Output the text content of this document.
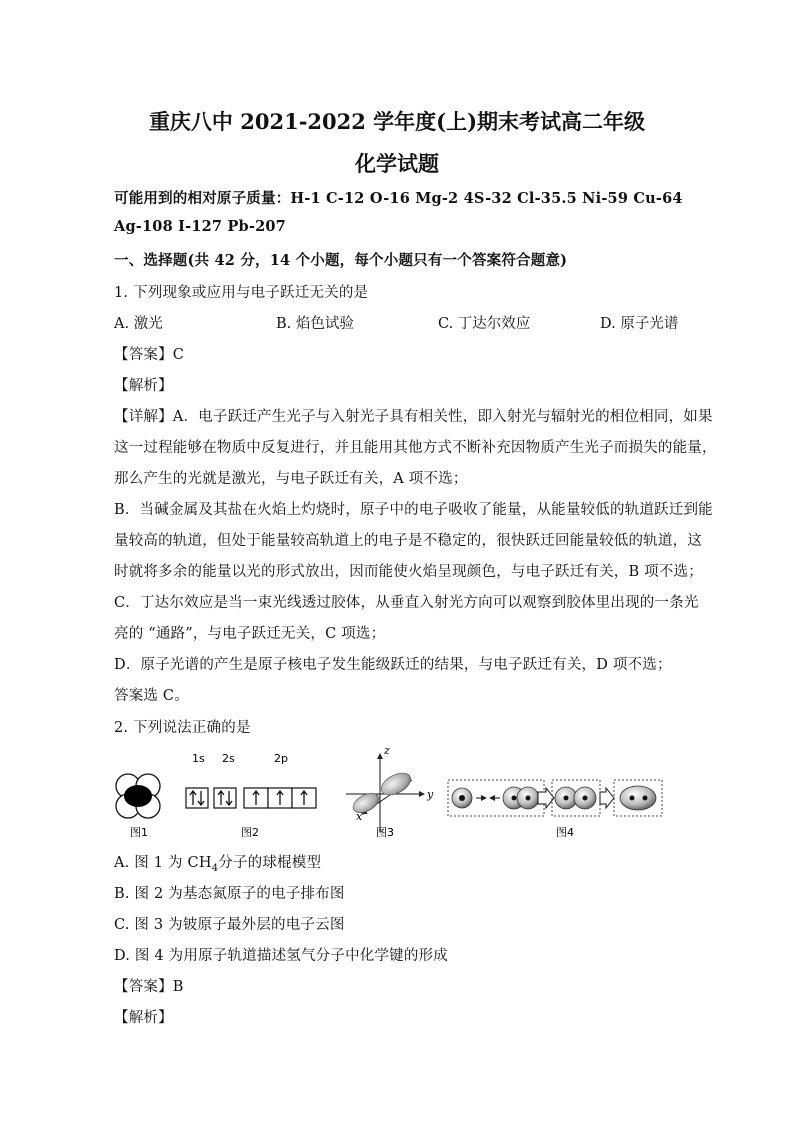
重庆八中 2021-2022 学年度(上)期末考试高二年级
化学试题
可能用到的相对原子质量：H-1 C-12 O-16 Mg-2 4S-32 Cl-35.5 Ni-59 Cu-64
Ag-108 I-127 Pb-207
一、选择题(共 42 分，14 个小题，每个小题只有一个答案符合题意)
1. 下列现象或应用与电子跃迁无关的是
A. 激光	B. 焰色试验	C. 丁达尔效应	D. 原子光谱
【答案】C
【解析】
【详解】A．电子跃迁产生光子与入射光子具有相关性，即入射光与辐射光的相位相同，如果
这一过程能够在物质中反复进行，并且能用其他方式不断补充因物质产生光子而损失的能量，
那么产生的光就是激光，与电子跃迁有关，A 项不选；
B．当碱金属及其盐在火焰上灼烧时，原子中的电子吸收了能量，从能量较低的轨道跃迁到能
量较高的轨道，但处于能量较高轨道上的电子是不稳定的，很快跃迁回能量较低的轨道，这
时就将多余的能量以光的形式放出，因而能使火焰呈现颜色，与电子跃迁有关，B 项不选；
C．丁达尔效应是当一束光线透过胶体，从垂直入射光方向可以观察到胶体里出现的一条光
亮的 “通路”，与电子跃迁无关，C 项选；
D．原子光谱的产生是原子核电子发生能级跃迁的结果，与电子跃迁有关，D 项不选；
答案选 C。
2. 下列说法正确的是
1s 2s	2p
z
y
x
图1	图2	图3	图4
A. 图 1 为 $CH_4$分子的球棍模型
B. 图 2 为基态氮原子的电子排布图
C. 图 3 为铍原子最外层的电子云图
D. 图 4 为用原子轨道描述氢气分子中化学键的形成
【答案】B
【解析】
